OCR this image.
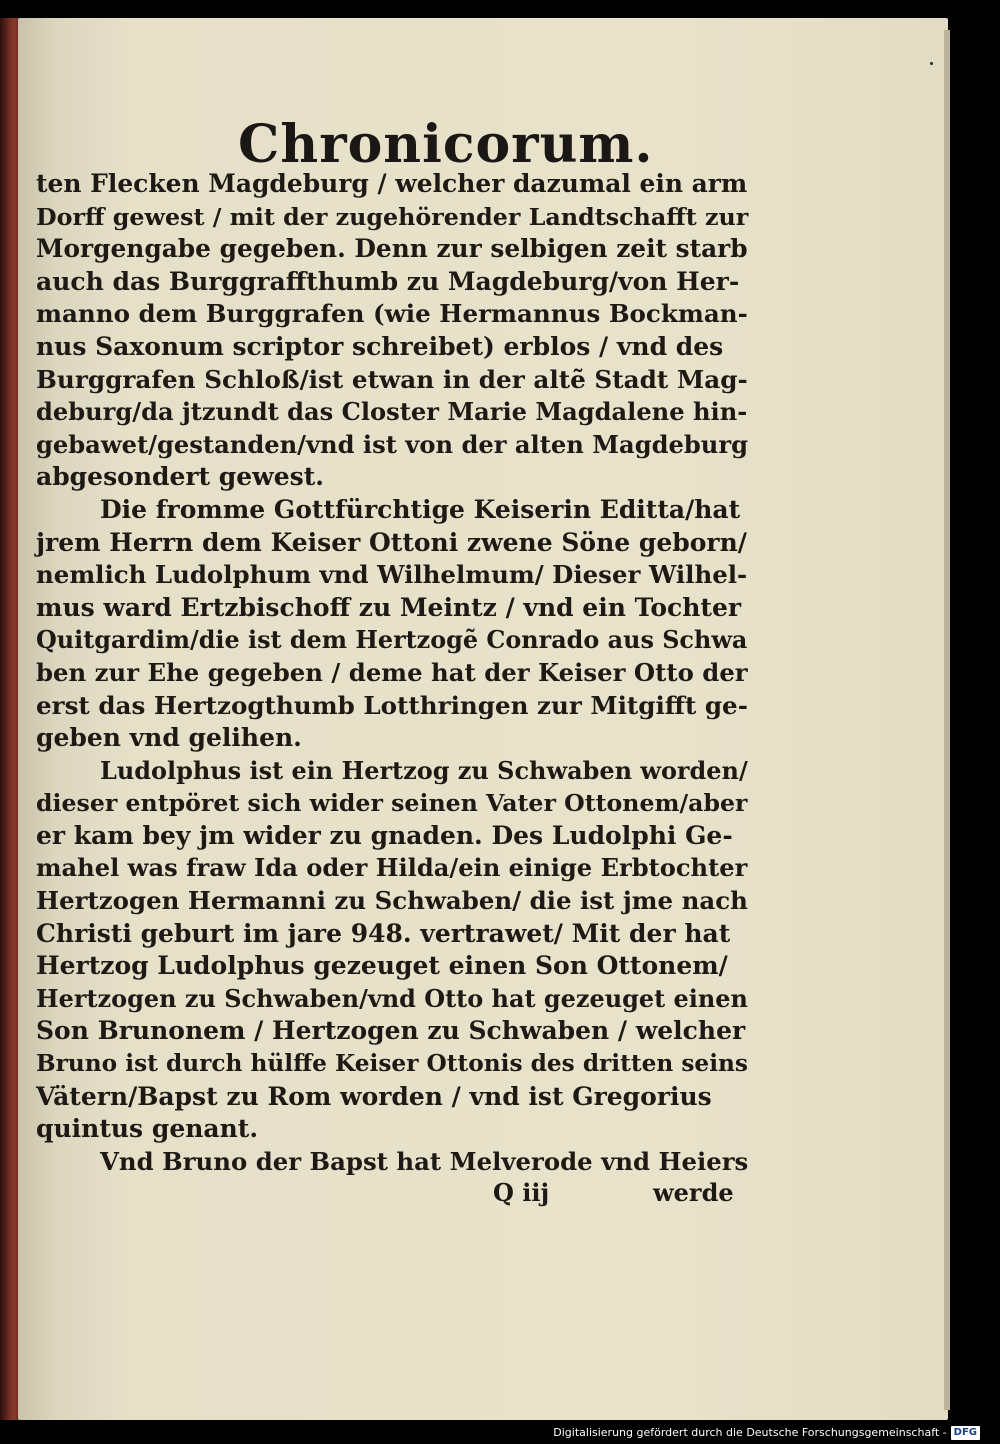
Chronicorum.
ten Flecken Magdeburg / welcher dazumal ein arm
Dorff gewest / mit der zugehörender Landtschafft zur
Morgengabe gegeben. Denn zur selbigen zeit starb
auch das Burggraffthumb zu Magdeburg/von Her-
manno dem Burggrafen (wie Hermannus Bockman-
nus Saxonum scriptor schreibet) erblos / vnd des
Burggrafen Schloß/ist etwan in der altẽ Stadt Mag-
deburg/da jtzundt das Closter Marie Magdalene hin-
gebawet/gestanden/vnd ist von der alten Magdeburg
abgesondert gewest.
Die fromme Gottfürchtige Keiserin Editta/hat
jrem Herrn dem Keiser Ottoni zwene Söne geborn/
nemlich Ludolphum vnd Wilhelmum/ Dieser Wilhel-
mus ward Ertzbischoff zu Meintz / vnd ein Tochter
Quitgardim/die ist dem Hertzogẽ Conrado aus Schwa
ben zur Ehe gegeben / deme hat der Keiser Otto der
erst das Hertzogthumb Lotthringen zur Mitgifft ge-
geben vnd gelihen.
Ludolphus ist ein Hertzog zu Schwaben worden/
dieser entpöret sich wider seinen Vater Ottonem/aber
er kam bey jm wider zu gnaden. Des Ludolphi Ge-
mahel was fraw Ida oder Hilda/ein einige Erbtochter
Hertzogen Hermanni zu Schwaben/ die ist jme nach
Christi geburt im jare 948. vertrawet/ Mit der hat
Hertzog Ludolphus gezeuget einen Son Ottonem/
Hertzogen zu Schwaben/vnd Otto hat gezeuget einen
Son Brunonem / Hertzogen zu Schwaben / welcher
Bruno ist durch hülffe Keiser Ottonis des dritten seins
Vätern/Bapst zu Rom worden / vnd ist Gregorius
quintus genant.
Vnd Bruno der Bapst hat Melverode vnd Heiers
Q iij	werde
Digitalisierung gefördert durch die Deutsche Forschungsgemeinschaft - DFG
